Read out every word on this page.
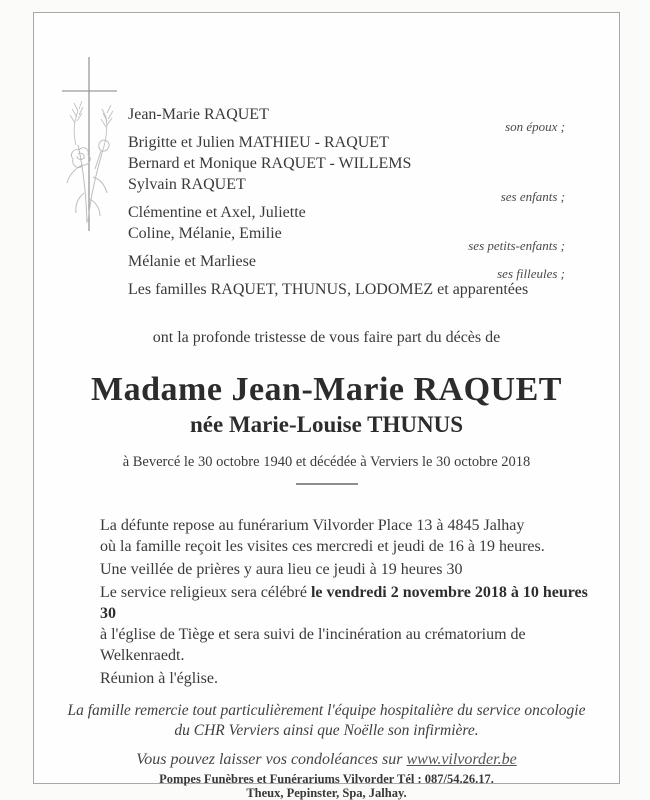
Jean-Marie RAQUET
son époux ;
Brigitte et Julien MATHIEU - RAQUET
Bernard et Monique RAQUET - WILLEMS
Sylvain RAQUET
ses enfants ;
Clémentine et Axel, Juliette
Coline, Mélanie, Emilie
ses petits-enfants ;
Mélanie et Marliese
ses filleules ;
Les familles RAQUET, THUNUS, LODOMEZ et apparentées
ont la profonde tristesse de vous faire part du décès de
Madame Jean-Marie RAQUET
née Marie-Louise THUNUS
à Bevercé le 30 octobre 1940 et décédée à Verviers le 30 octobre 2018

La défunte repose au funérarium Vilvorder Place 13 à 4845 Jalhay
où la famille reçoit les visites ces mercredi et jeudi de 16 à 19 heures.

Une veillée de prières y aura lieu ce jeudi à 19 heures 30

Le service religieux sera célébré le vendredi 2 novembre 2018 à 10 heures 30
à l'église de Tiège et sera suivi de l'incinération au crématorium de Welkenraedt.

Réunion à l'église.

La famille remercie tout particulièrement l'équipe hospitalière du service oncologie
du CHR Verviers ainsi que Noëlle son infirmière.
Vous pouvez laisser vos condoléances sur www.vilvorder.be
Pompes Funèbres et Funérariums Vilvorder Tél : 087/54.26.17.
Theux, Pepinster, Spa, Jalhay.
